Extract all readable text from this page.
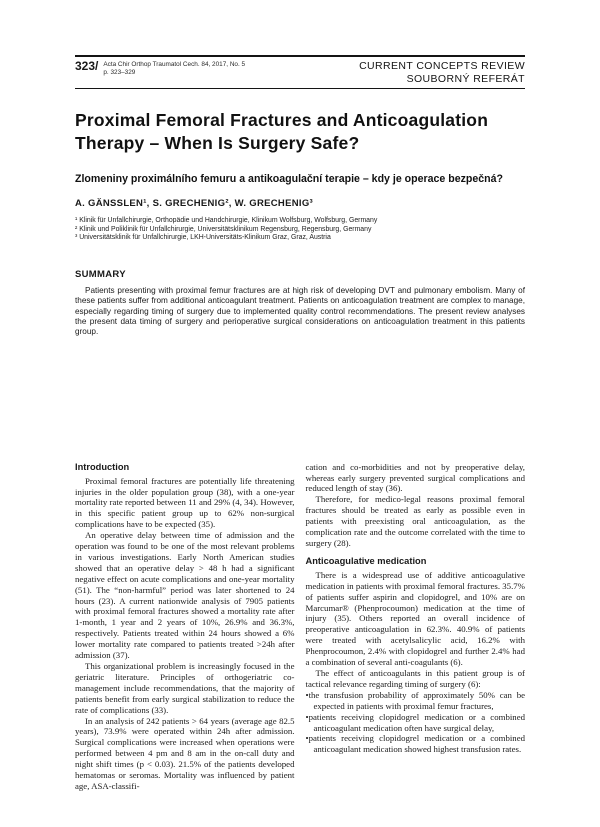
323/ Acta Chir Orthop Traumatol Cech. 84, 2017, No. 5
p. 323–329
CURRENT CONCEPTS REVIEW
SOUBORNÝ REFERÁT
Proximal Femoral Fractures and Anticoagulation Therapy – When Is Surgery Safe?
Zlomeniny proximálního femuru a antikoagulační terapie – kdy je operace bezpečná?
A. GÄNSSLEN¹, S. GRECHENIG², W. GRECHENIG³
¹ Klinik für Unfallchirurgie, Orthopädie und Handchirurgie, Klinikum Wolfsburg, Wolfsburg, Germany
² Klinik und Poliklinik für Unfallchirurgie, Universitätsklinikum Regensburg, Regensburg, Germany
³ Universitätsklinik für Unfallchirurgie, LKH-Universitäts-Klinikum Graz, Graz, Austria
SUMMARY

Patients presenting with proximal femur fractures are at high risk of developing DVT and pulmonary embolism. Many of these patients suffer from additional anticoagulant treatment. Patients on anticoagulation treatment are complex to manage, especially regarding timing of surgery due to implemented quality control recommendations. The present review analyses the present data timing of surgery and perioperative surgical considerations on anticoagulation treatment in this patients group.

Introduction

Proximal femoral fractures are potentially life threatening injuries in the older population group (38), with a one-year mortality rate reported between 11 and 29% (4, 34). However, in this specific patient group up to 62% non-surgical complications have to be expected (35).

An operative delay between time of admission and the operation was found to be one of the most relevant problems in various investigations. Early North American studies showed that an operative delay > 48 h had a significant negative effect on acute complications and one-year mortality (51). The “non-harmful” period was later shortened to 24 hours (23). A current nationwide analysis of 7905 patients with proximal femoral fractures showed a mortality rate after 1-month, 1 year and 2 years of 10%, 26.9% and 36.3%, respectively. Patients treated within 24 hours showed a 6% lower mortality rate compared to patients treated >24h after admission (37).

This organizational problem is increasingly focused in the geriatric literature. Principles of orthogeriatric co-management include recommendations, that the majority of patients benefit from early surgical stabilization to reduce the rate of complications (33).

In an analysis of 242 patients > 64 years (average age 82.5 years), 73.9% were operated within 24h after admission. Surgical complications were increased when operations were performed between 4 pm and 8 am in the on-call duty and night shift times (p < 0.03). 21.5% of the patients developed hematomas or seromas. Mortality was influenced by patient age, ASA-classifi-

cation and co-morbidities and not by preoperative delay, whereas early surgery prevented surgical complications and reduced length of stay (36).

Therefore, for medico-legal reasons proximal femoral fractures should be treated as early as possible even in patients with preexisting oral anticoagulation, as the complication rate and the outcome correlated with the time to surgery (28).

Anticoagulative medication

There is a widespread use of additive anticoagulative medication in patients with proximal femoral fractures. 35.7% of patients suffer aspirin and clopidogrel, and 10% are on Marcumar® (Phenprocoumon) medication at the time of injury (35). Others reported an overall incidence of preoperative anticoagulation in 62.3%. 40.9% of patients were treated with acetylsalicylic acid, 16.2% with Phenprocoumon, 2.4% with clopidogrel and further 2.4% had a combination of several anti-coagulants (6).

The effect of anticoagulants in this patient group is of tactical relevance regarding timing of surgery (6):

• the transfusion probability of approximately 50% can be expected in patients with proximal femur fractures,
• patients receiving clopidogrel medication or a combined anticoagulant medication often have surgical delay,
• patients receiving clopidogrel medication or a combined anticoagulant medication showed highest transfusion rates.
